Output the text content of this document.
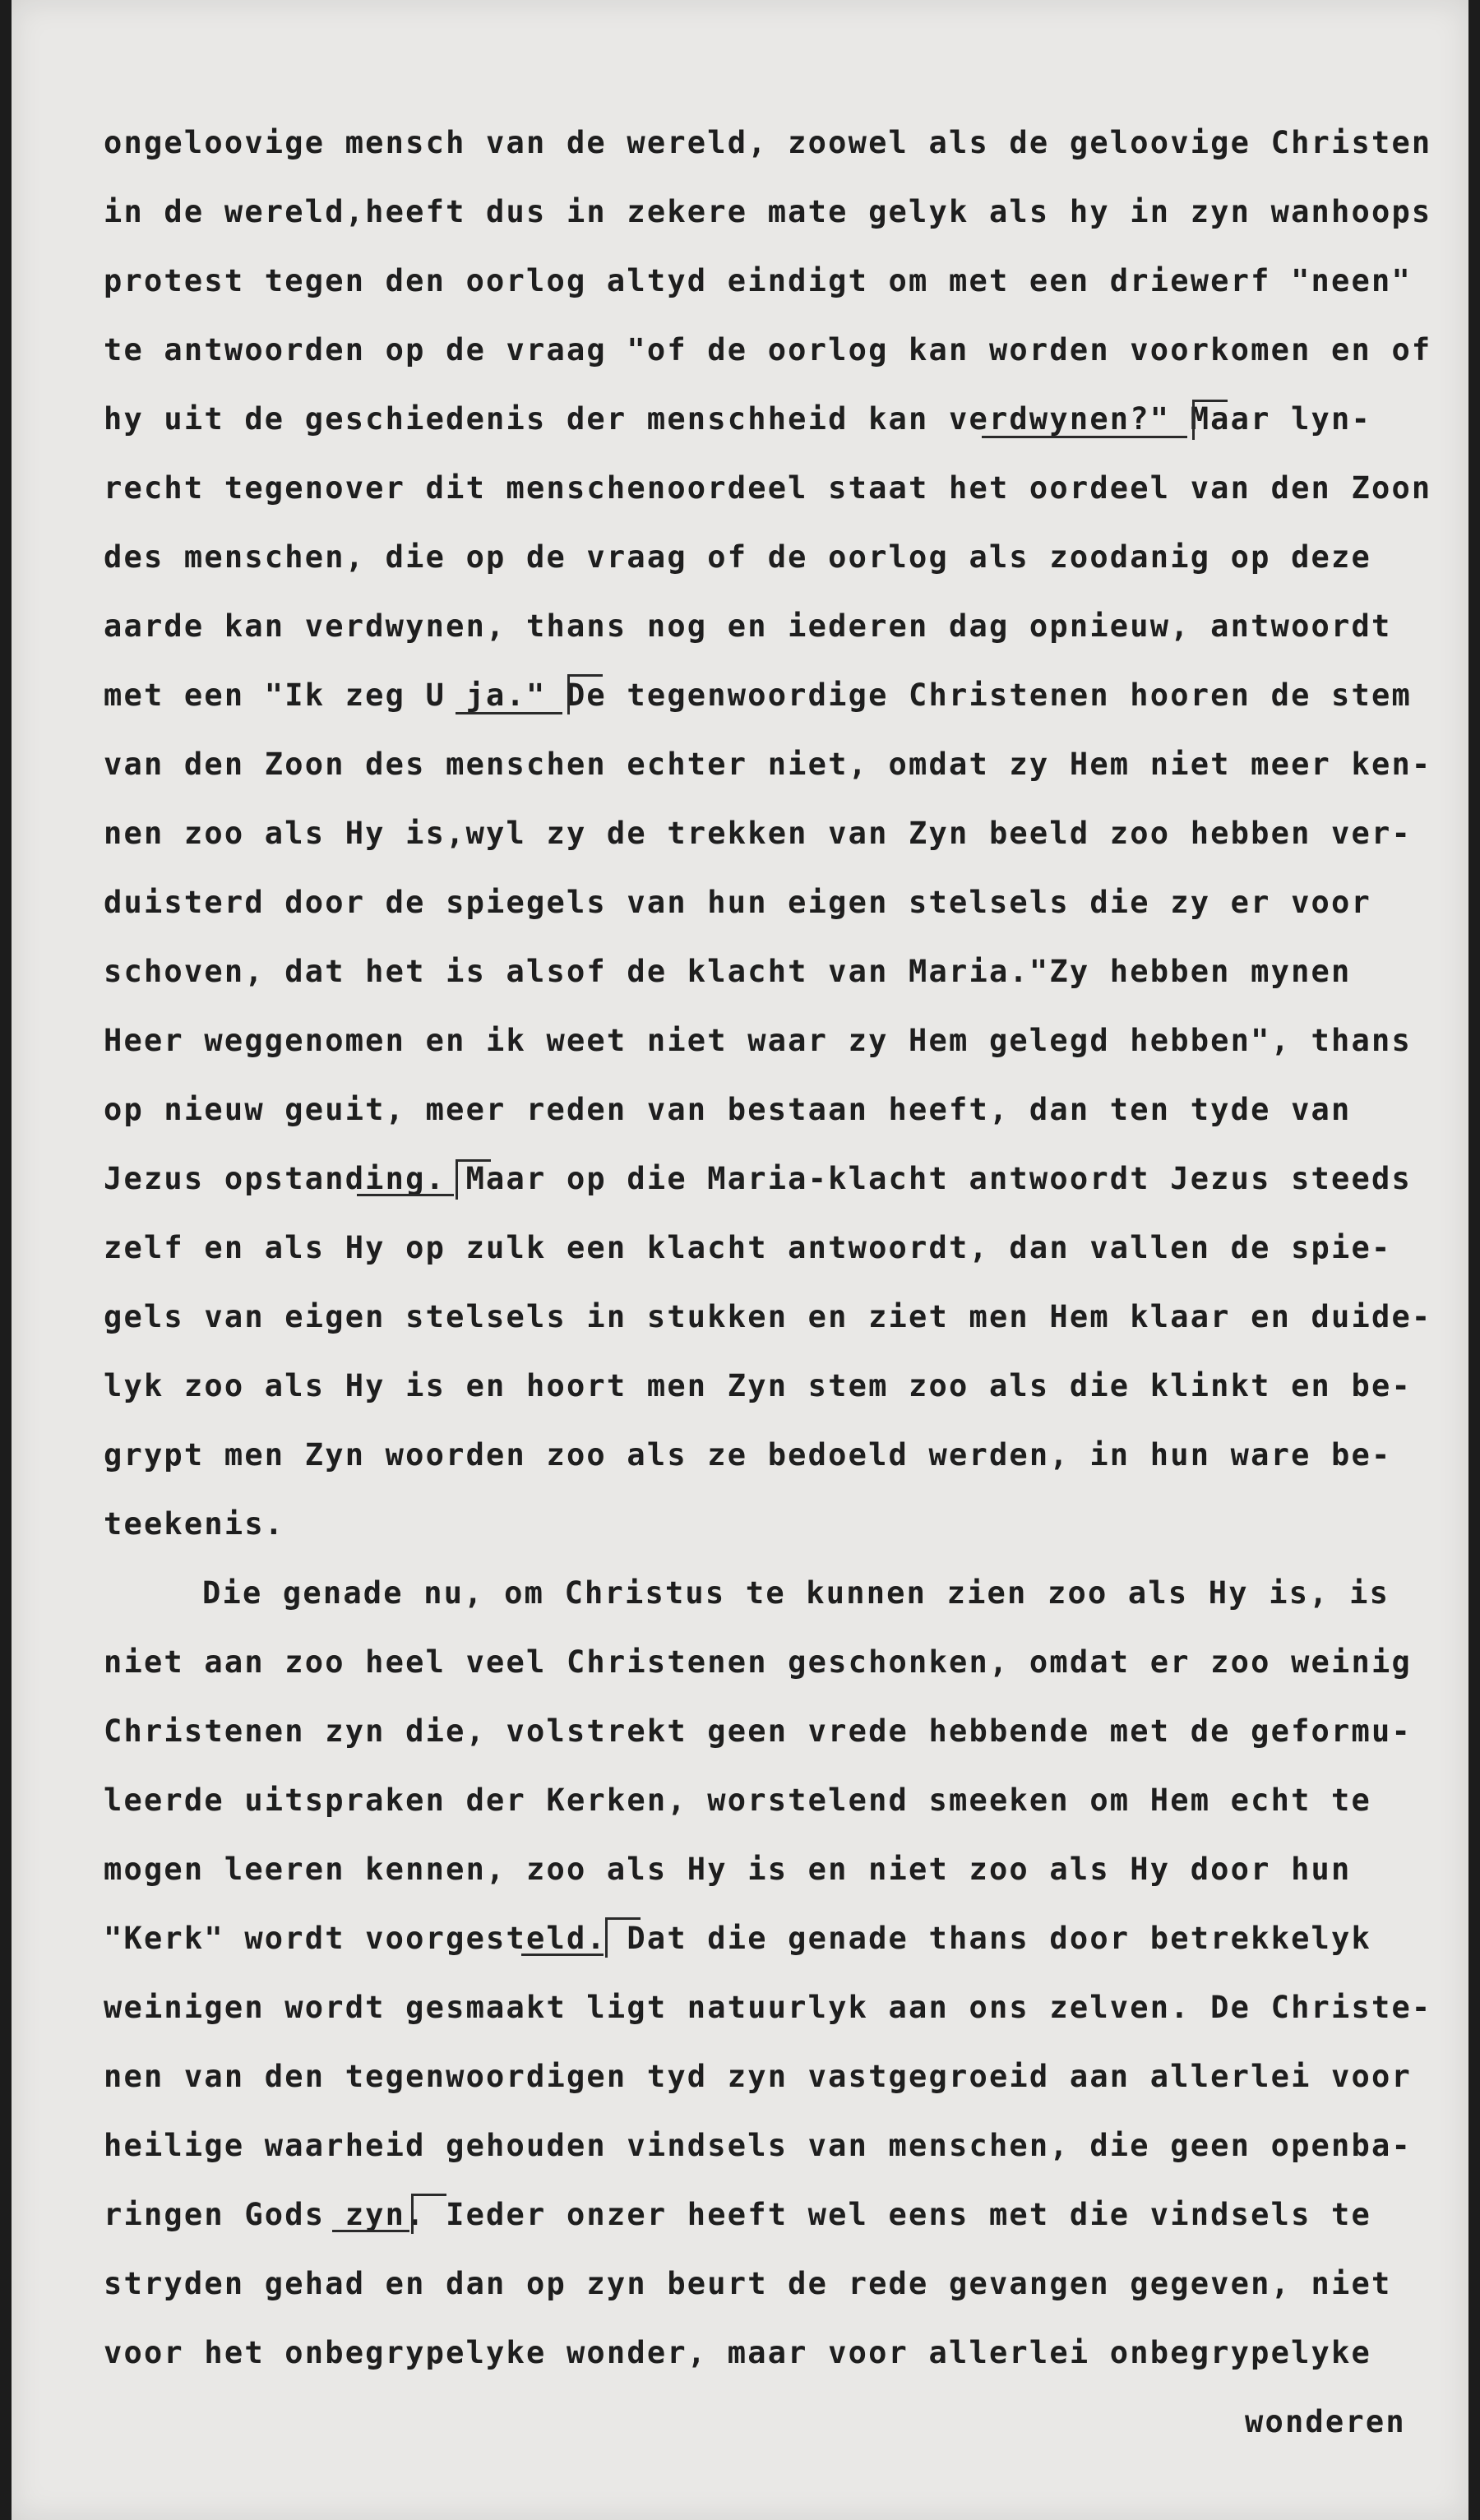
ongeloovige mensch van de wereld, zoowel als de geloovige Christen

in de wereld,heeft dus in zekere mate gelyk als hy in zyn wanhoops

protest tegen den oorlog altyd eindigt om met een driewerf "neen"

te antwoorden op de vraag "of de oorlog kan worden voorkomen en of

hy uit de geschiedenis der menschheid kan verdwynen?" Maar lyn-

recht tegenover dit menschenoordeel staat het oordeel van den Zoon

des menschen, die op de vraag of de oorlog als zoodanig op deze

aarde kan verdwynen, thans nog en iederen dag opnieuw, antwoordt

met een "Ik zeg U ja." De tegenwoordige Christenen hooren de stem

van den Zoon des menschen echter niet, omdat zy Hem niet meer ken-

nen zoo als Hy is,wyl zy de trekken van Zyn beeld zoo hebben ver-

duisterd door de spiegels van hun eigen stelsels die zy er voor

schoven, dat het is alsof de klacht van Maria."Zy hebben mynen

Heer weggenomen en ik weet niet waar zy Hem gelegd hebben", thans

op nieuw geuit, meer reden van bestaan heeft, dan ten tyde van

Jezus opstanding. Maar op die Maria-klacht antwoordt Jezus steeds

zelf en als Hy op zulk een klacht antwoordt, dan vallen de spie-

gels van eigen stelsels in stukken en ziet men Hem klaar en duide-

lyk zoo als Hy is en hoort men Zyn stem zoo als die klinkt en be-

grypt men Zyn woorden zoo als ze bedoeld werden, in hun ware be-

teekenis.

Die genade nu, om Christus te kunnen zien zoo als Hy is, is

niet aan zoo heel veel Christenen geschonken, omdat er zoo weinig

Christenen zyn die, volstrekt geen vrede hebbende met de geformu-

leerde uitspraken der Kerken, worstelend smeeken om Hem echt te

mogen leeren kennen, zoo als Hy is en niet zoo als Hy door hun

"Kerk" wordt voorgesteld. Dat die genade thans door betrekkelyk

weinigen wordt gesmaakt ligt natuurlyk aan ons zelven. De Christe-

nen van den tegenwoordigen tyd zyn vastgegroeid aan allerlei voor

heilige waarheid gehouden vindsels van menschen, die geen openba-

ringen Gods zyn. Ieder onzer heeft wel eens met die vindsels te

stryden gehad en dan op zyn beurt de rede gevangen gegeven, niet

voor het onbegrypelyke wonder, maar voor allerlei onbegrypelyke

wonderen
